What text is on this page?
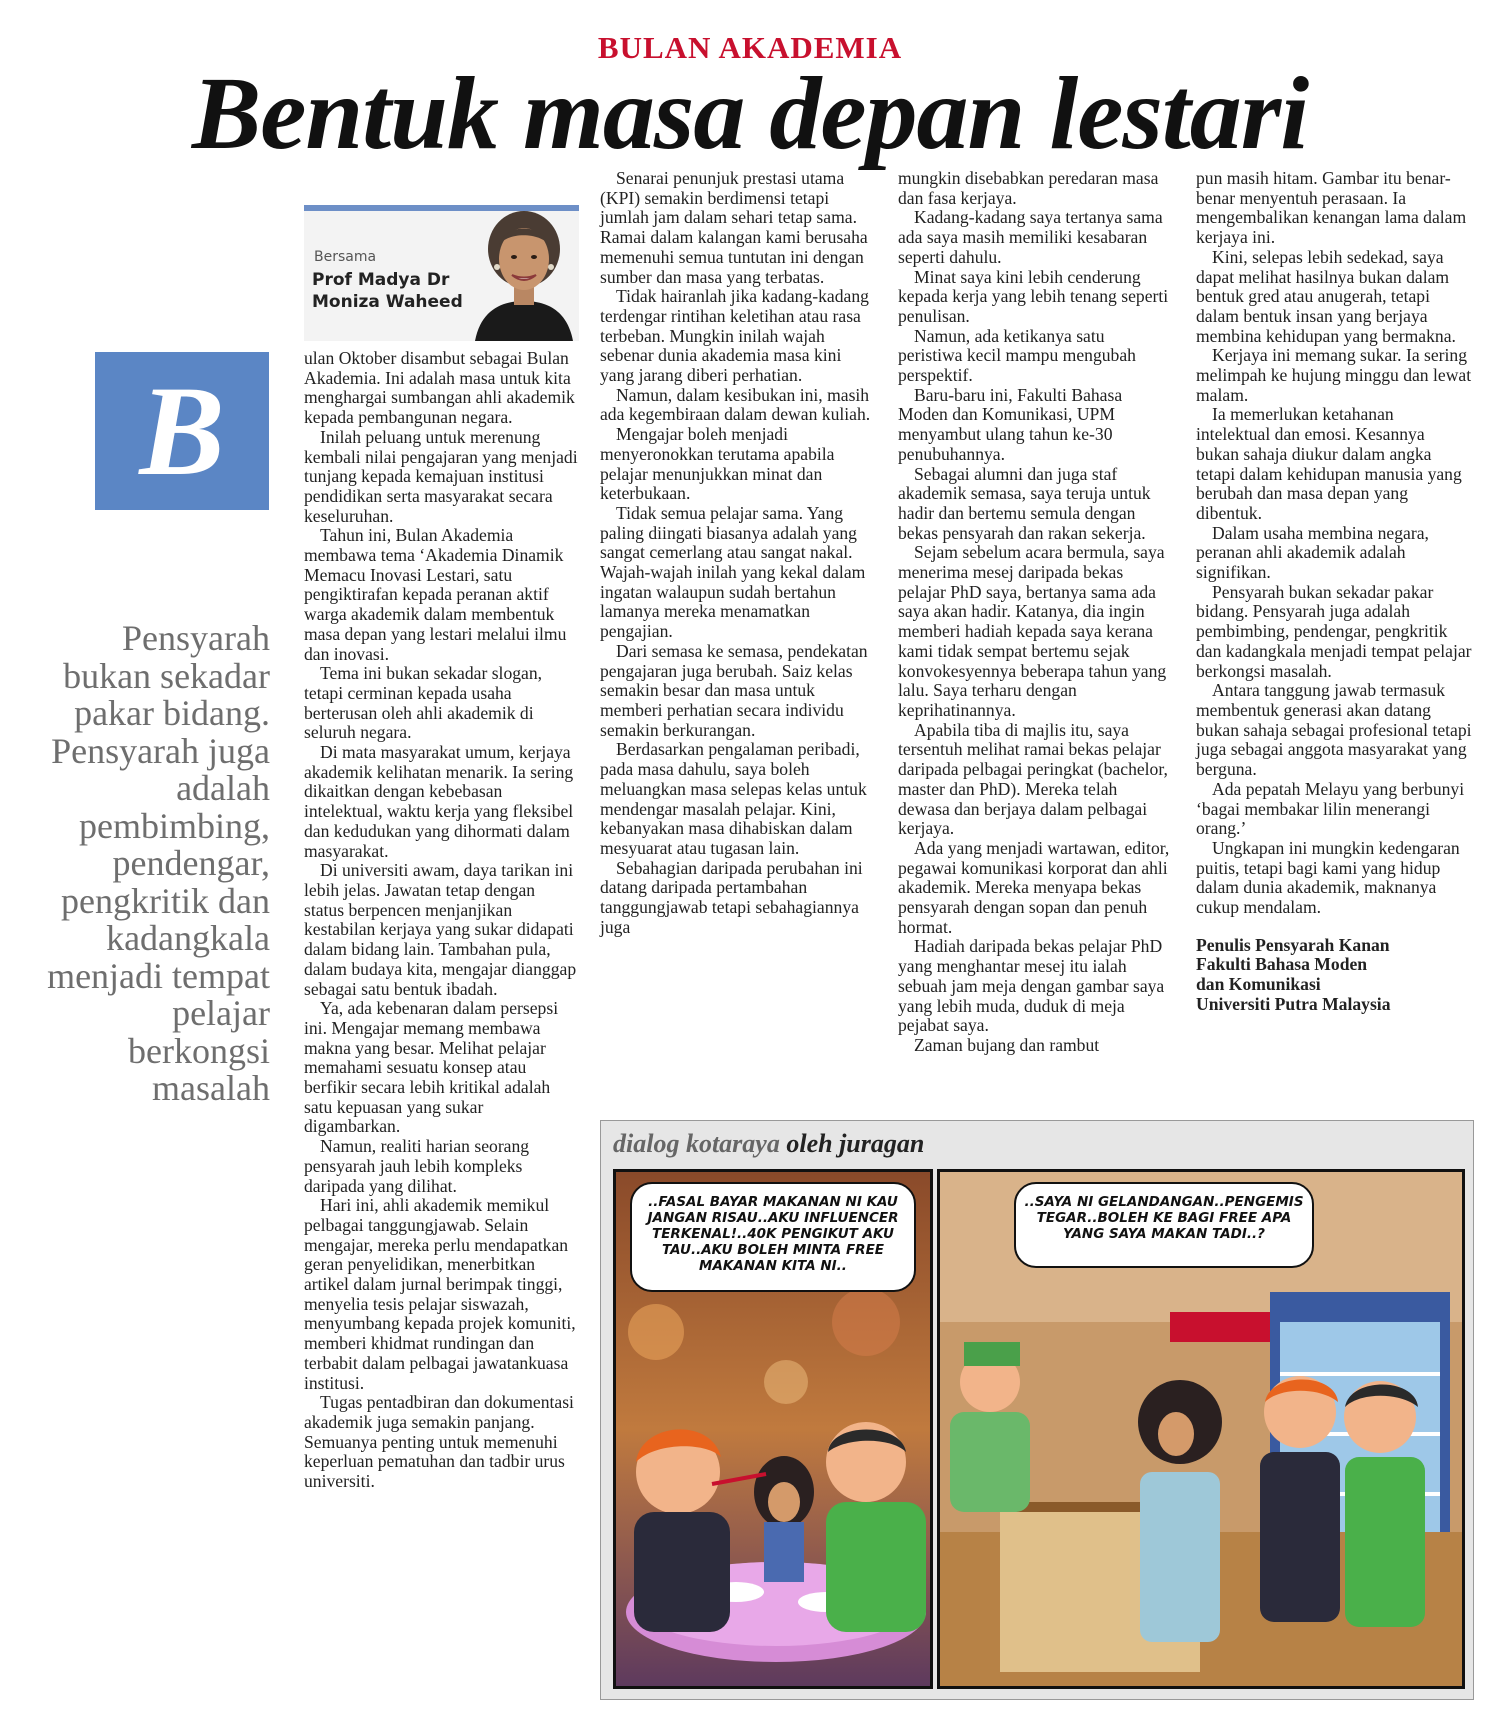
BULAN AKADEMIA
Bentuk masa depan lestari
Bersama
Prof Madya Dr
Moniza Waheed
B
Pensyarah bukan sekadar pakar bidang. Pensyarah juga adalah pembimbing, pendengar, pengkritik dan kadangkala menjadi tempat pelajar berkongsi masalah

ulan Oktober disambut sebagai Bulan Akademia. Ini adalah masa untuk kita menghargai sumbangan ahli akademik kepada pembangunan negara.

Inilah peluang untuk merenung kembali nilai pengajaran yang menjadi tunjang kepada kemajuan institusi pendidikan serta masyarakat secara keseluruhan.

Tahun ini, Bulan Akademia membawa tema ‘Akademia Dinamik Memacu Inovasi Lestari, satu pengiktirafan kepada peranan aktif warga akademik dalam membentuk masa depan yang lestari melalui ilmu dan inovasi.

Tema ini bukan sekadar slogan, tetapi cerminan kepada usaha berterusan oleh ahli akademik di seluruh negara.

Di mata masyarakat umum, kerjaya akademik kelihatan menarik. Ia sering dikaitkan dengan kebebasan intelektual, waktu kerja yang fleksibel dan kedudukan yang dihormati dalam masyarakat.

Di universiti awam, daya tarikan ini lebih jelas. Jawatan tetap dengan status berpencen menjanjikan kestabilan kerjaya yang sukar didapati dalam bidang lain. Tambahan pula, dalam budaya kita, mengajar dianggap sebagai satu bentuk ibadah.

Ya, ada kebenaran dalam persepsi ini. Mengajar memang membawa makna yang besar. Melihat pelajar memahami sesuatu konsep atau berfikir secara lebih kritikal adalah satu kepuasan yang sukar digambarkan.

Namun, realiti harian seorang pensyarah jauh lebih kompleks daripada yang dilihat.

Hari ini, ahli akademik memikul pelbagai tanggungjawab. Selain mengajar, mereka perlu mendapatkan geran penyelidikan, menerbitkan artikel dalam jurnal berimpak tinggi, menyelia tesis pelajar siswazah, menyumbang kepada projek komuniti, memberi khidmat rundingan dan terbabit dalam pelbagai jawatankuasa institusi.

Tugas pentadbiran dan dokumentasi akademik juga semakin panjang. Semuanya penting untuk memenuhi keperluan pematuhan dan tadbir urus universiti.

Senarai penunjuk prestasi utama (KPI) semakin berdimensi tetapi jumlah jam dalam sehari tetap sama. Ramai dalam kalangan kami berusaha memenuhi semua tuntutan ini dengan sumber dan masa yang terbatas.

Tidak hairanlah jika kadang-kadang terdengar rintihan keletihan atau rasa terbeban. Mungkin inilah wajah sebenar dunia akademia masa kini yang jarang diberi perhatian.

Namun, dalam kesibukan ini, masih ada kegembiraan dalam dewan kuliah.

Mengajar boleh menjadi menyeronokkan terutama apabila pelajar menunjukkan minat dan keterbukaan.

Tidak semua pelajar sama. Yang paling diingati biasanya adalah yang sangat cemerlang atau sangat nakal. Wajah-wajah inilah yang kekal dalam ingatan walaupun sudah bertahun lamanya mereka menamatkan pengajian.

Dari semasa ke semasa, pendekatan pengajaran juga berubah. Saiz kelas semakin besar dan masa untuk memberi perhatian secara individu semakin berkurangan.

Berdasarkan pengalaman peribadi, pada masa dahulu, saya boleh meluangkan masa selepas kelas untuk mendengar masalah pelajar. Kini, kebanyakan masa dihabiskan dalam mesyuarat atau tugasan lain.

Sebahagian daripada perubahan ini datang daripada pertambahan tanggungjawab tetapi sebahagiannya juga

mungkin disebabkan peredaran masa dan fasa kerjaya.

Kadang-kadang saya tertanya sama ada saya masih memiliki kesabaran seperti dahulu.

Minat saya kini lebih cenderung kepada kerja yang lebih tenang seperti penulisan.

Namun, ada ketikanya satu peristiwa kecil mampu mengubah perspektif.

Baru-baru ini, Fakulti Bahasa Moden dan Komunikasi, UPM menyambut ulang tahun ke-30 penubuhannya.

Sebagai alumni dan juga staf akademik semasa, saya teruja untuk hadir dan bertemu semula dengan bekas pensyarah dan rakan sekerja.

Sejam sebelum acara bermula, saya menerima mesej daripada bekas pelajar PhD saya, bertanya sama ada saya akan hadir. Katanya, dia ingin memberi hadiah kepada saya kerana kami tidak sempat bertemu sejak konvokesyennya beberapa tahun yang lalu. Saya terharu dengan keprihatinannya.

Apabila tiba di majlis itu, saya tersentuh melihat ramai bekas pelajar daripada pelbagai peringkat (bachelor, master dan PhD). Mereka telah dewasa dan berjaya dalam pelbagai kerjaya.

Ada yang menjadi wartawan, editor, pegawai komunikasi korporat dan ahli akademik. Mereka menyapa bekas pensyarah dengan sopan dan penuh hormat.

Hadiah daripada bekas pelajar PhD yang menghantar mesej itu ialah sebuah jam meja dengan gambar saya yang lebih muda, duduk di meja pejabat saya.

Zaman bujang dan rambut

pun masih hitam. Gambar itu benar-benar menyentuh perasaan. Ia mengembalikan kenangan lama dalam kerjaya ini.

Kini, selepas lebih sedekad, saya dapat melihat hasilnya bukan dalam bentuk gred atau anugerah, tetapi dalam bentuk insan yang berjaya membina kehidupan yang bermakna.

Kerjaya ini memang sukar. Ia sering melimpah ke hujung minggu dan lewat malam.

Ia memerlukan ketahanan intelektual dan emosi. Kesannya bukan sahaja diukur dalam angka tetapi dalam kehidupan manusia yang berubah dan masa depan yang dibentuk.

Dalam usaha membina negara, peranan ahli akademik adalah signifikan.

Pensyarah bukan sekadar pakar bidang. Pensyarah juga adalah pembimbing, pendengar, pengkritik dan kadangkala menjadi tempat pelajar berkongsi masalah.

Antara tanggung jawab termasuk membentuk generasi akan datang bukan sahaja sebagai profesional tetapi juga sebagai anggota masyarakat yang berguna.

Ada pepatah Melayu yang berbunyi ‘bagai membakar lilin menerangi orang.’

Ungkapan ini mungkin kedengaran puitis, tetapi bagi kami yang hidup dalam dunia akademik, maknanya cukup mendalam.

Penulis Pensyarah Kanan
Fakulti Bahasa Moden
dan Komunikasi
Universiti Putra Malaysia

dialog kotaraya oleh juragan
..FASAL BAYAR MAKANAN NI KAU JANGAN RISAU..AKU INFLUENCER TERKENAL!..40K PENGIKUT AKU TAU..AKU BOLEH MINTA FREE MAKANAN KITA NI..
..SAYA NI GELANDANGAN..PENGEMIS TEGAR..BOLEH KE BAGI FREE APA YANG SAYA MAKAN TADI..?
